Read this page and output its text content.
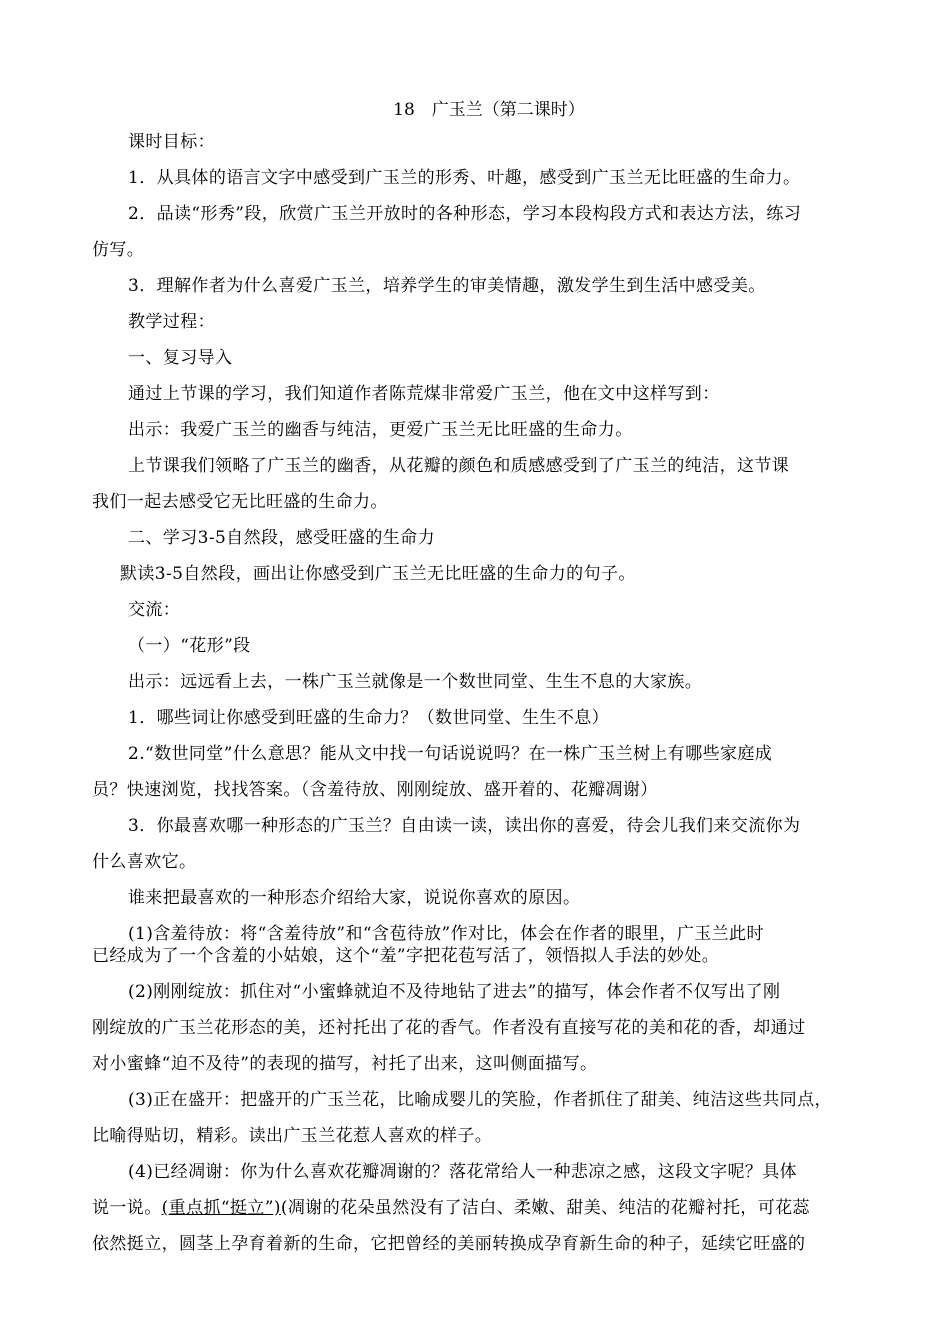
18　广玉兰（第二课时）

课时目标：

1．从具体的语言文字中感受到广玉兰的形秀、叶趣，感受到广玉兰无比旺盛的生命力。

2．品读“形秀”段，欣赏广玉兰开放时的各种形态，学习本段构段方式和表达方法，练习

仿写。

3．理解作者为什么喜爱广玉兰，培养学生的审美情趣，激发学生到生活中感受美。

教学过程：

一、复习导入

通过上节课的学习，我们知道作者陈荒煤非常爱广玉兰，他在文中这样写到：

出示：我爱广玉兰的幽香与纯洁，更爱广玉兰无比旺盛的生命力。

上节课我们领略了广玉兰的幽香，从花瓣的颜色和质感感受到了广玉兰的纯洁，这节课

我们一起去感受它无比旺盛的生命力。

二、学习3-5自然段，感受旺盛的生命力

默读3-5自然段，画出让你感受到广玉兰无比旺盛的生命力的句子。

交流：

（一）“花形”段

出示：远远看上去，一株广玉兰就像是一个数世同堂、生生不息的大家族。

1．哪些词让你感受到旺盛的生命力？（数世同堂、生生不息）

2.“数世同堂”什么意思？能从文中找一句话说说吗？在一株广玉兰树上有哪些家庭成

员？快速浏览，找找答案。（含羞待放、刚刚绽放、盛开着的、花瓣凋谢）

3．你最喜欢哪一种形态的广玉兰？自由读一读，读出你的喜爱，待会儿我们来交流你为

什么喜欢它。

谁来把最喜欢的一种形态介绍给大家，说说你喜欢的原因。

(1)含羞待放：将“含羞待放”和“含苞待放”作对比，体会在作者的眼里，广玉兰此时

已经成为了一个含羞的小姑娘，这个“羞”字把花苞写活了，领悟拟人手法的妙处。

(2)刚刚绽放：抓住对“小蜜蜂就迫不及待地钻了进去”的描写，体会作者不仅写出了刚

刚绽放的广玉兰花形态的美，还衬托出了花的香气。作者没有直接写花的美和花的香，却通过

对小蜜蜂“迫不及待”的表现的描写，衬托了出来，这叫侧面描写。

(3)正在盛开：把盛开的广玉兰花，比喻成婴儿的笑脸，作者抓住了甜美、纯洁这些共同点，

比喻得贴切，精彩。读出广玉兰花惹人喜欢的样子。

(4)已经凋谢：你为什么喜欢花瓣凋谢的？落花常给人一种悲凉之感，这段文字呢？具体

说一说。(重点抓“挺立”)(凋谢的花朵虽然没有了洁白、柔嫩、甜美、纯洁的花瓣衬托，可花蕊

依然挺立，圆茎上孕育着新的生命，它把曾经的美丽转换成孕育新生命的种子，延续它旺盛的
